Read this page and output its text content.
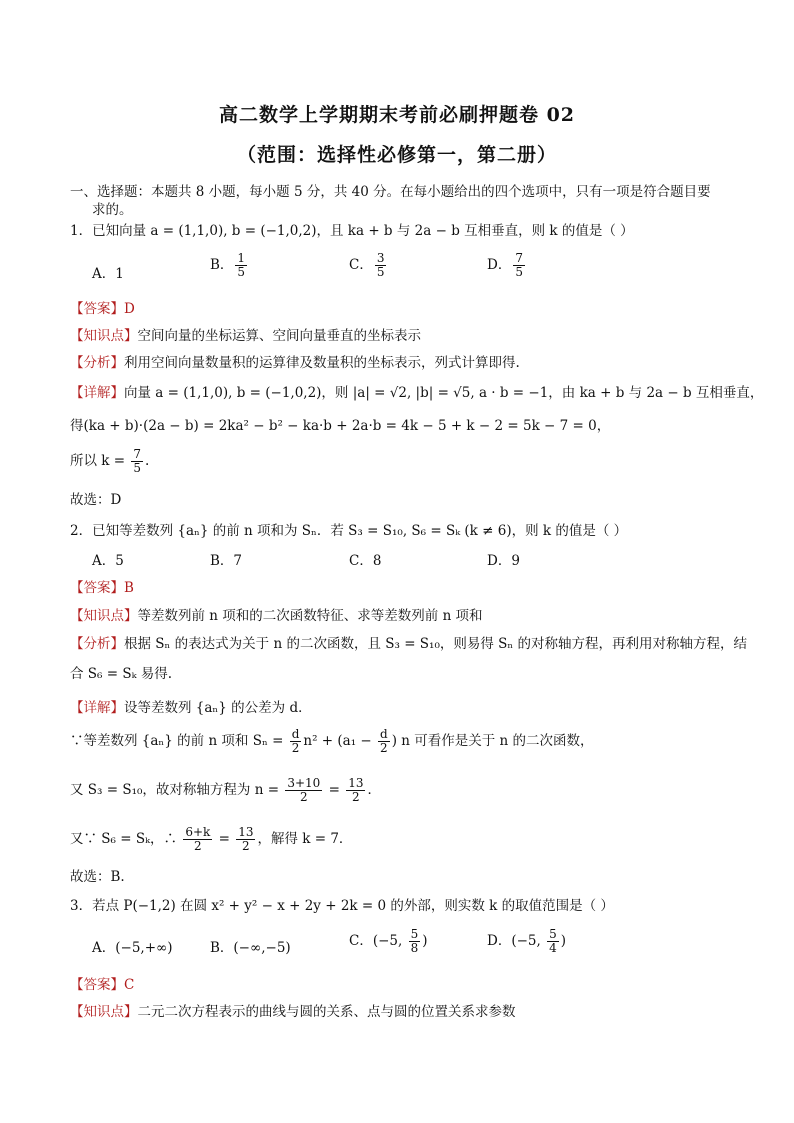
高二数学上学期期末考前必刷押题卷 02
（范围：选择性必修第一，第二册）
一、选择题：本题共 8 小题，每小题 5 分，共 40 分。在每小题给出的四个选项中，只有一项是符合题目要
求的。
1．已知向量 a = (1,1,0), b = (−1,0,2)，且 ka + b 与 2a − b 互相垂直，则 k 的值是（ ）
A．1
B． $\frac{1}{5}$	C． $\frac{3}{5}$	D． $\frac{7}{5}$
【答案】D
【知识点】空间向量的坐标运算、空间向量垂直的坐标表示
【分析】利用空间向量数量积的运算律及数量积的坐标表示，列式计算即得.
【详解】向量 a = (1,1,0), b = (−1,0,2)，则 |a| = √2, |b| = √5, a · b = −1，由 ka + b 与 2a − b 互相垂直，
得(ka + b)·(2a − b) = 2ka² − b² − ka·b + 2a·b = 4k − 5 + k − 2 = 5k − 7 = 0，
所以 $k = \frac{7}{5}$ .
故选：D
2．已知等差数列 {aₙ} 的前 n 项和为 Sₙ．若 S₃ = S₁₀, S₆ = Sₖ (k ≠ 6)，则 k 的值是（ ）
A．5	B．7	C．8	D．9
【答案】B
【知识点】等差数列前 n 项和的二次函数特征、求等差数列前 n 项和
【分析】根据 Sₙ 的表达式为关于 n 的二次函数，且 S₃ = S₁₀，则易得 Sₙ 的对称轴方程，再利用对称轴方程，结
合 S₆ = Sₖ 易得.
【详解】设等差数列 {aₙ} 的公差为 d．
∵等差数列 {aₙ} 的前 n 项和 $S_n = \frac{d}{2} n^2 + (a_1 - \frac{d}{2}$ ) n 可看作是关于 n 的二次函数，
又 S₃ = S₁₀，故对称轴方程为 $n = \frac{3+10}{2} = \frac{13}{2}$ ．
又∵ S₆ = Sₖ，∴ $\frac{6+k}{2} = \frac{13}{2}$ ，解得 k = 7．
故选：B.
3．若点 P(−1,2) 在圆 x² + y² − x + 2y + 2k = 0 的外部，则实数 k 的取值范围是（ ）
A．(−5,+∞)	B．(−∞,−5)	C．(−5, $\frac{5}{8}$ )	D．(−5, $\frac{5}{4}$ )
【答案】C
【知识点】二元二次方程表示的曲线与圆的关系、点与圆的位置关系求参数
